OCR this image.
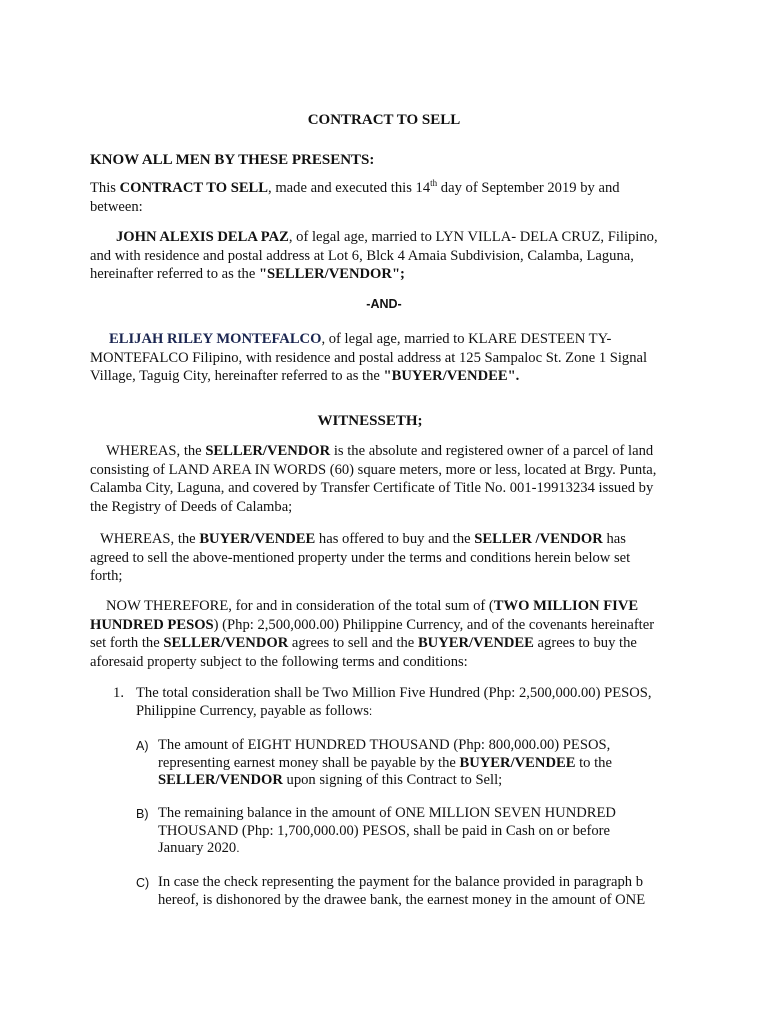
CONTRACT TO SELL
KNOW ALL MEN BY THESE PRESENTS:

This CONTRACT TO SELL, made and executed this 14th day of September 2019 by and between:

JOHN ALEXIS DELA PAZ, of legal age, married to LYN VILLA- DELA CRUZ, Filipino, and with residence and postal address at Lot 6, Blck 4 Amaia Subdivision, Calamba, Laguna, hereinafter referred to as the "SELLER/VENDOR";

-AND-

ELIJAH RILEY MONTEFALCO, of legal age, married to KLARE DESTEEN TY-MONTEFALCO Filipino, with residence and postal address at 125 Sampaloc St. Zone 1 Signal Village, Taguig City, hereinafter referred to as the "BUYER/VENDEE".

WITNESSETH;

WHEREAS, the SELLER/VENDOR is the absolute and registered owner of a parcel of land consisting of LAND AREA IN WORDS (60) square meters, more or less, located at Brgy. Punta, Calamba City, Laguna, and covered by Transfer Certificate of Title No. 001-19913234 issued by the Registry of Deeds of Calamba;

WHEREAS, the BUYER/VENDEE has offered to buy and the SELLER /VENDOR has agreed to sell the above-mentioned property under the terms and conditions herein below set forth;

NOW THEREFORE, for and in consideration of the total sum of (TWO MILLION FIVE HUNDRED PESOS) (Php: 2,500,000.00) Philippine Currency, and of the covenants hereinafter set forth the SELLER/VENDOR agrees to sell and the BUYER/VENDEE agrees to buy the aforesaid property subject to the following terms and conditions:

1. The total consideration shall be Two Million Five Hundred (Php: 2,500,000.00) PESOS, Philippine Currency, payable as follows:
A) The amount of EIGHT HUNDRED THOUSAND (Php: 800,000.00) PESOS, representing earnest money shall be payable by the BUYER/VENDEE to the SELLER/VENDOR upon signing of this Contract to Sell;
B) The remaining balance in the amount of ONE MILLION SEVEN HUNDRED THOUSAND (Php: 1,700,000.00) PESOS, shall be paid in Cash on or before January 2020.
C) In case the check representing the payment for the balance provided in paragraph b hereof, is dishonored by the drawee bank, the earnest money in the amount of ONE
